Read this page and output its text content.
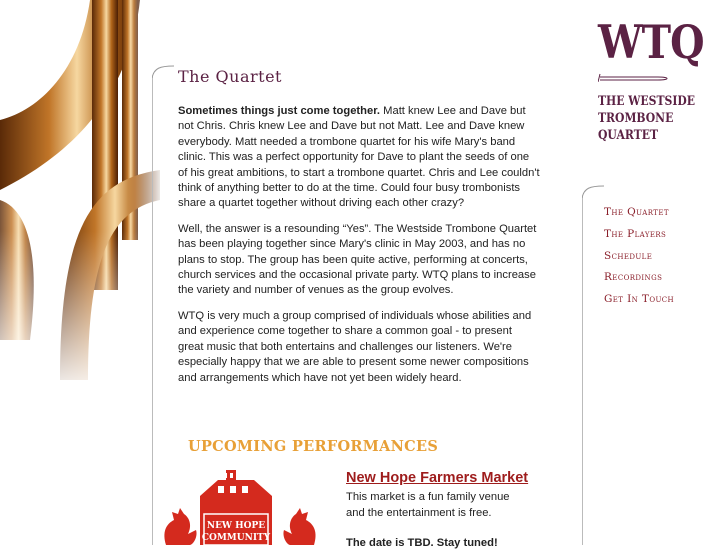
The Quartet

Sometimes things just come together. Matt knew Lee and Dave but not Chris. Chris knew Lee and Dave but not Matt. Lee and Dave knew everybody. Matt needed a trombone quartet for his wife Mary's band clinic. This was a perfect opportunity for Dave to plant the seeds of one of his great ambitions, to start a trombone quartet. Chris and Lee couldn't think of anything better to do at the time. Could four busy trombonists share a quartet together without driving each other crazy?

Well, the answer is a resounding “Yes”. The Westside Trombone Quartet has been playing together since Mary's clinic in May 2003, and has no plans to stop. The group has been quite active, performing at concerts, church services and the occasional private party. WTQ plans to increase the variety and number of venues as the group evolves.

WTQ is very much a group comprised of individuals whose abilities and and experience come together to share a common goal - to present great music that both entertains and challenges our listeners. We're especially happy that we are able to present some newer compositions and arrangements which have not yet been widely heard.

UPCOMING PERFORMANCES
NEW HOPE
COMMUNITY
New Hope Farmers Market
This market is a fun family venue
and the entertainment is free.
The date is TBD. Stay tuned!
WTQ
THE WESTSIDE
TROMBONE
QUARTET
The Quartet
The Players
Schedule
Recordings
Get In Touch
